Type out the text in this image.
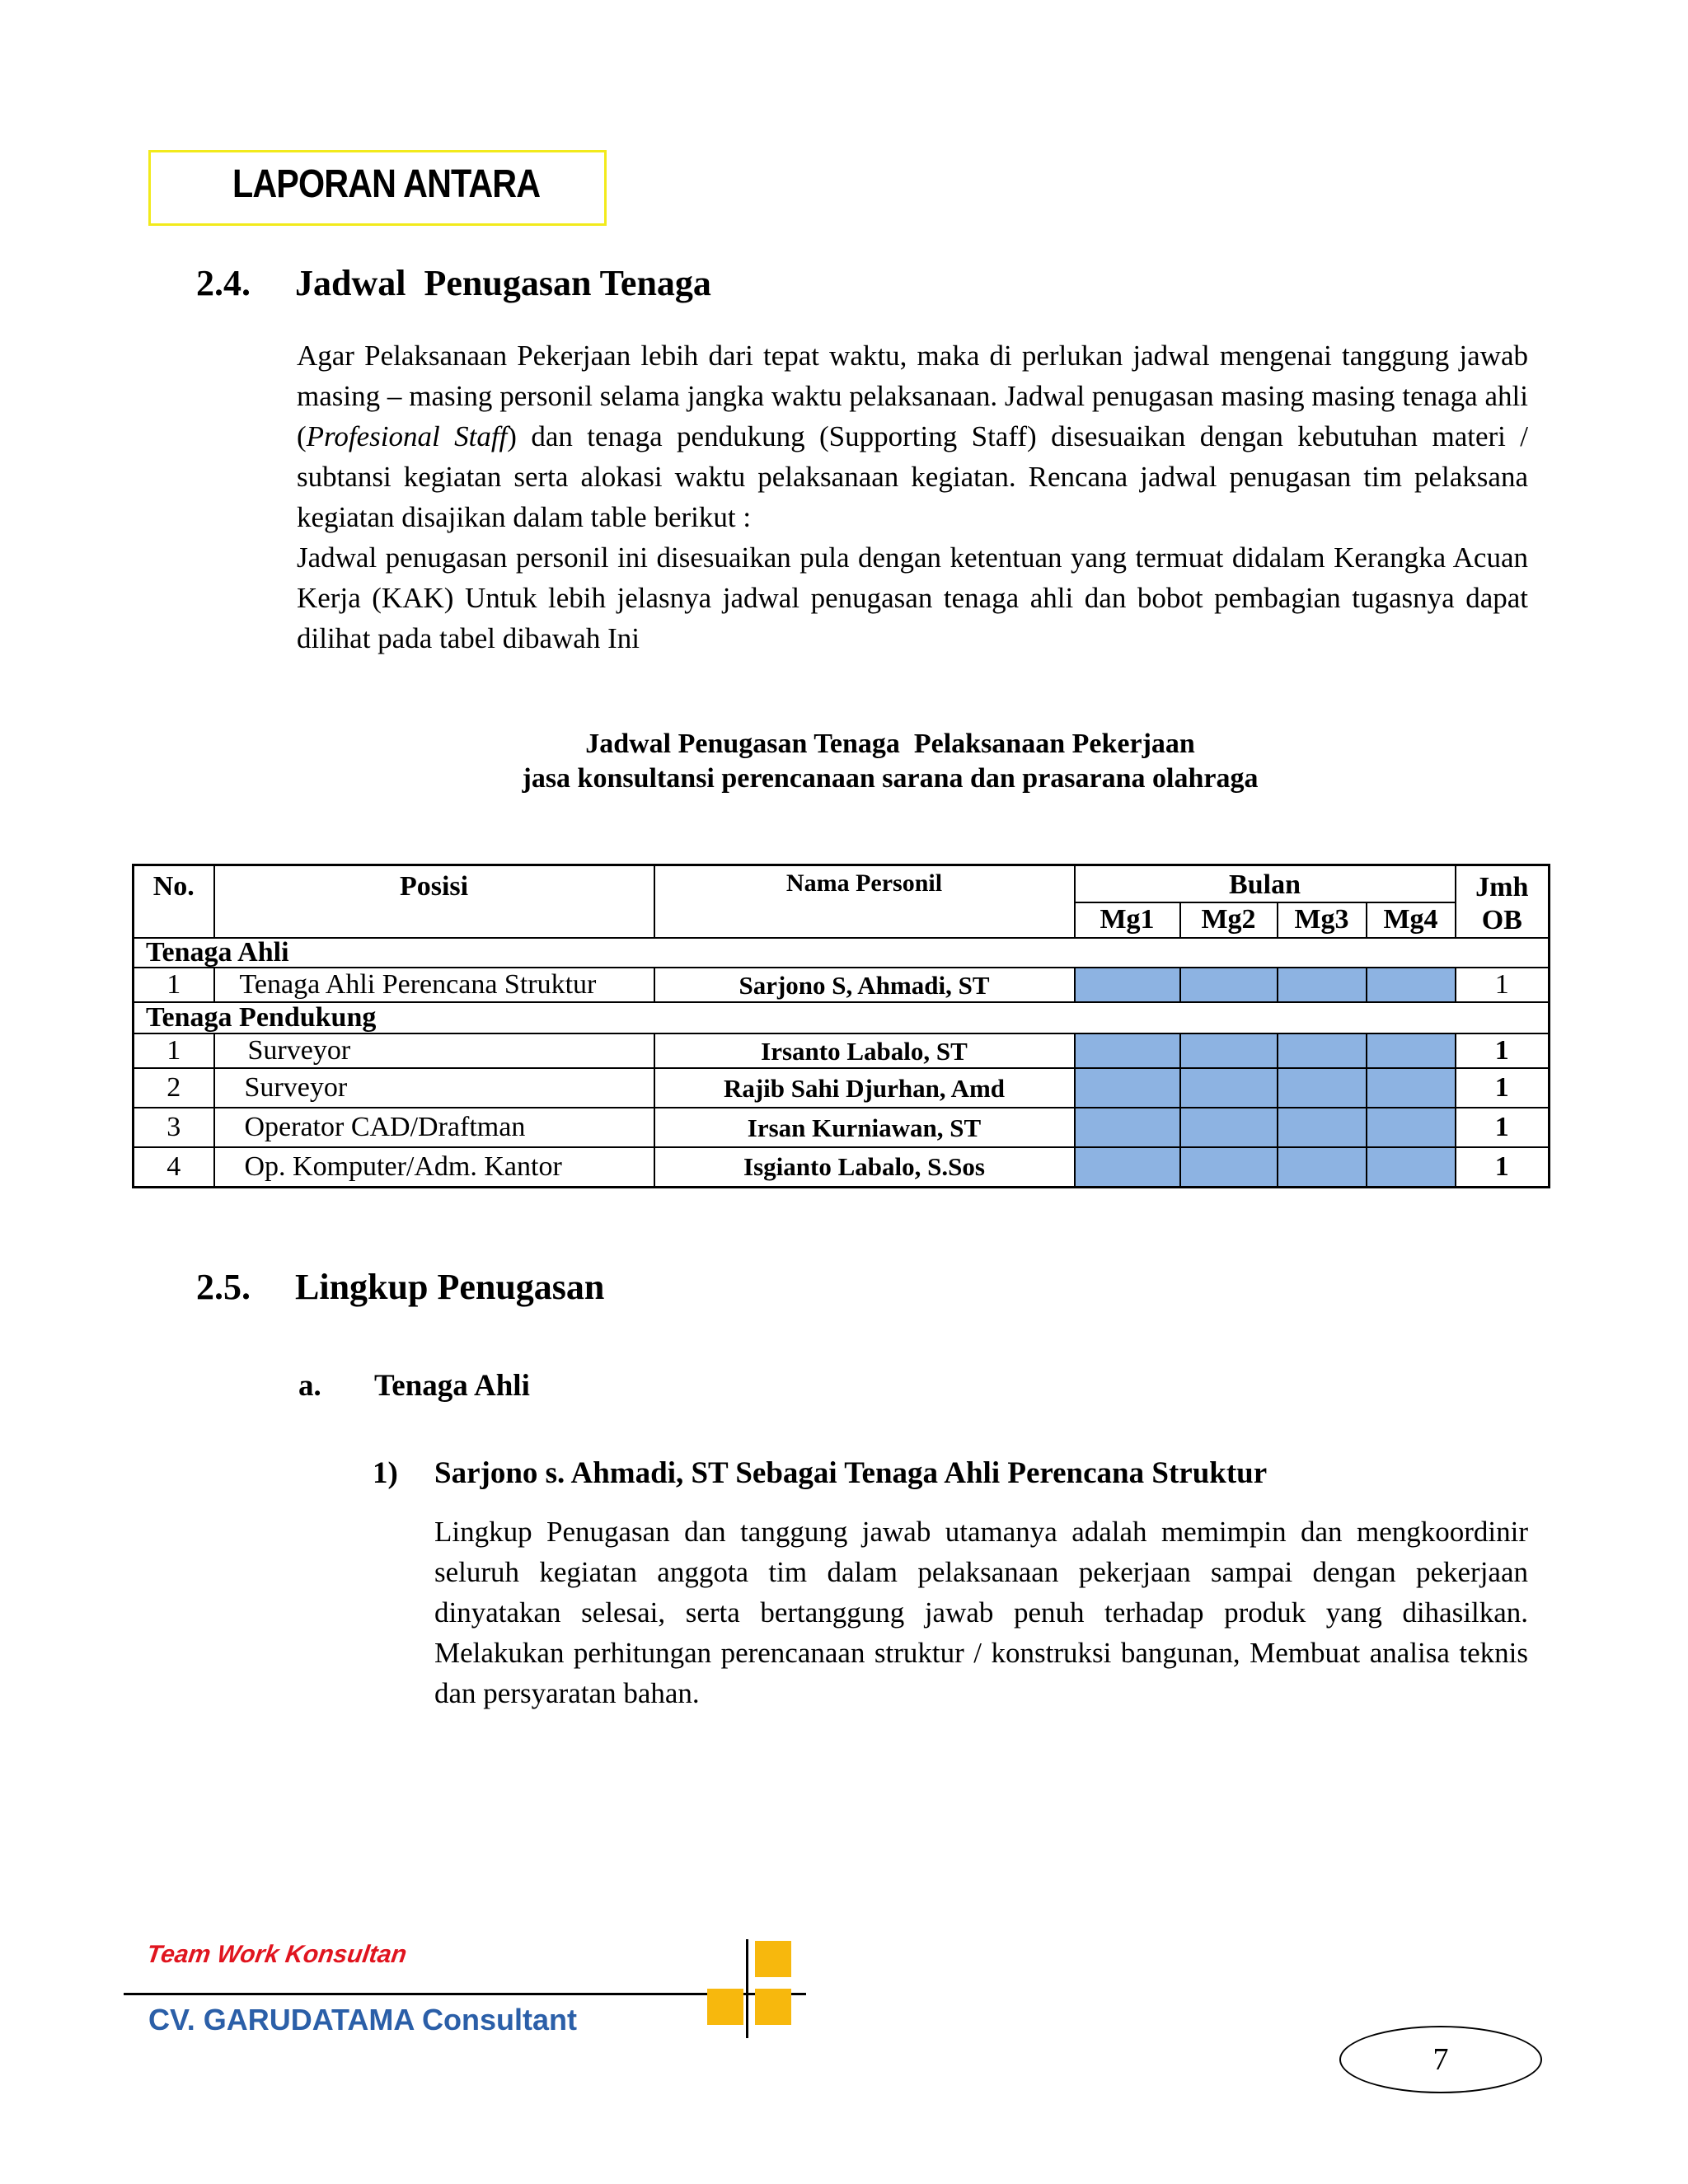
LAPORAN ANTARA
2.4. Jadwal  Penugasan Tenaga

Agar Pelaksanaan Pekerjaan lebih dari tepat waktu, maka di perlukan jadwal mengenai tanggung jawab masing – masing personil selama jangka waktu pelaksanaan. Jadwal penugasan masing masing tenaga ahli (Profesional Staff) dan tenaga pendukung (Supporting Staff) disesuaikan dengan kebutuhan materi / subtansi kegiatan serta alokasi waktu pelaksanaan kegiatan. Rencana jadwal penugasan tim pelaksana kegiatan disajikan dalam table berikut :

Jadwal penugasan personil ini disesuaikan pula dengan ketentuan yang termuat didalam Kerangka Acuan Kerja (KAK) Untuk lebih jelasnya jadwal penugasan tenaga ahli dan bobot pembagian tugasnya dapat dilihat pada tabel dibawah Ini

Jadwal Penugasan Tenaga  Pelaksanaan Pekerjaan
jasa konsultansi perencanaan sarana dan prasarana olahraga
No.	Posisi	Nama Personil	Bulan				Jmh
OB

			Mg1	Mg2	Mg3	Mg4	
Tenaga Ahli							
1	Tenaga Ahli Perencana Struktur	Sarjono S, Ahmadi, ST					1
Tenaga Pendukung							
1	Surveyor	Irsanto Labalo, ST					1
2	Surveyor	Rajib Sahi Djurhan, Amd					1
3	Operator CAD/Draftman	Irsan Kurniawan, ST					1
4	Op. Komputer/Adm. Kantor	Isgianto Labalo, S.Sos					1
2.5. Lingkup Penugasan
a. Tenaga Ahli
1) Sarjono s. Ahmadi, ST Sebagai Tenaga Ahli Perencana Struktur
Lingkup Penugasan dan tanggung jawab utamanya adalah memimpin dan mengkoordinir seluruh kegiatan anggota tim dalam pelaksanaan pekerjaan sampai dengan pekerjaan dinyatakan selesai, serta bertanggung jawab penuh terhadap produk yang dihasilkan. Melakukan perhitungan perencanaan struktur / konstruksi bangunan, Membuat analisa teknis dan persyaratan bahan.
Team Work Konsultan
CV. GARUDATAMA Consultant
7
